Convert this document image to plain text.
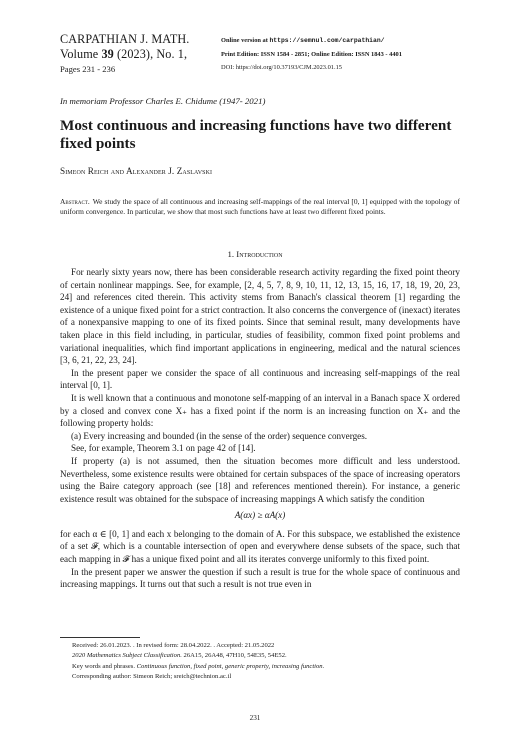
CARPATHIAN J. MATH.
Volume 39 (2023), No. 1,
Pages 231 - 236
Online version at https://semnul.com/carpathian/
Print Edition: ISSN 1584 - 2851; Online Edition: ISSN 1843 - 4401
DOI: https://doi.org/10.37193/CJM.2023.01.15
In memoriam Professor Charles E. Chidume (1947- 2021)
Most continuous and increasing functions have two different fixed points
Simeon Reich and Alexander J. Zaslavski
Abstract. We study the space of all continuous and increasing self-mappings of the real interval [0, 1] equipped with the topology of uniform convergence. In particular, we show that most such functions have at least two different fixed points.
1. Introduction

For nearly sixty years now, there has been considerable research activity regarding the fixed point theory of certain nonlinear mappings. See, for example, [2, 4, 5, 7, 8, 9, 10, 11, 12, 13, 15, 16, 17, 18, 19, 20, 23, 24] and references cited therein. This activity stems from Banach's classical theorem [1] regarding the existence of a unique fixed point for a strict contraction. It also concerns the convergence of (inexact) iterates of a nonexpansive mapping to one of its fixed points. Since that seminal result, many developments have taken place in this field including, in particular, studies of feasibility, common fixed point problems and variational inequalities, which find important applications in engineering, medical and the natural sciences [3, 6, 21, 22, 23, 24].

In the present paper we consider the space of all continuous and increasing self-mappings of the real interval [0, 1].

It is well known that a continuous and monotone self-mapping of an interval in a Banach space X ordered by a closed and convex cone X₊ has a fixed point if the norm is an increasing function on X₊ and the following property holds:

(a) Every increasing and bounded (in the sense of the order) sequence converges.

See, for example, Theorem 3.1 on page 42 of [14].

If property (a) is not assumed, then the situation becomes more difficult and less understood. Nevertheless, some existence results were obtained for certain subspaces of the space of increasing operators using the Baire category approach (see [18] and references mentioned therein). For instance, a generic existence result was obtained for the subspace of increasing mappings A which satisfy the condition

A(αx) ≥ αA(x)

for each α ∈ [0, 1] and each x belonging to the domain of A. For this subspace, we established the existence of a set 𝓕, which is a countable intersection of open and everywhere dense subsets of the space, such that each mapping in 𝓕 has a unique fixed point and all its iterates converge uniformly to this fixed point.

In the present paper we answer the question if such a result is true for the whole space of continuous and increasing mappings. It turns out that such a result is not true even in

Received: 26.01.2023. . In revised form: 28.04.2022. . Accepted: 21.05.2022
2020 Mathematics Subject Classification. 26A15, 26A48, 47H10, 54E35, 54E52.
Key words and phrases. Continuous function, fixed point, generic property, increasing function.
Corresponding author: Simeon Reich; sreich@technion.ac.il
231
